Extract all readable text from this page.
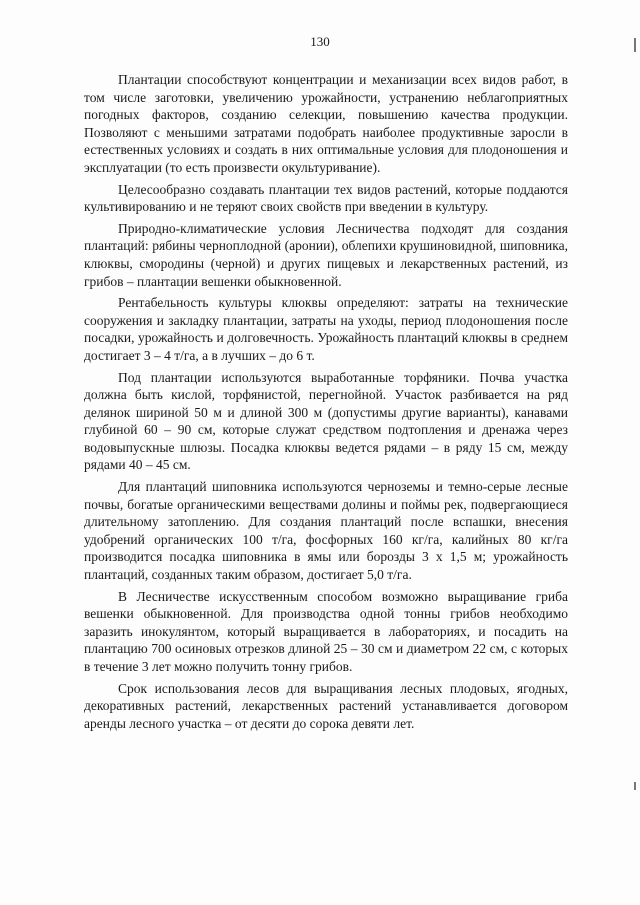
130

Плантации способствуют концентрации и механизации всех видов работ, в том числе заготовки, увеличению урожайности, устранению неблагоприятных погодных факторов, созданию селекции, повышению качества продукции. Позволяют с меньшими затратами подобрать наиболее продуктивные заросли в естественных условиях и создать в них оптимальные условия для плодоношения и эксплуатации (то есть произвести окультуривание).

Целесообразно создавать плантации тех видов растений, которые поддаются культивированию и не теряют своих свойств при введении в культуру.

Природно-климатические условия Лесничества подходят для создания плантаций: рябины черноплодной (аронии), облепихи крушиновидной, шиповника, клюквы, смородины (черной) и других пищевых и лекарственных растений, из грибов – плантации вешенки обыкновенной.

Рентабельность культуры клюквы определяют: затраты на технические сооружения и закладку плантации, затраты на уходы, период плодоношения после посадки, урожайность и долговечность. Урожайность плантаций клюквы в среднем достигает 3 – 4 т/га, а в лучших – до 6 т.

Под плантации используются выработанные торфяники. Почва участка должна быть кислой, торфянистой, перегнойной. Участок разбивается на ряд делянок шириной 50 м и длиной 300 м (допустимы другие варианты), канавами глубиной 60 – 90 см, которые служат средством подтопления и дренажа через водовыпускные шлюзы. Посадка клюквы ведется рядами – в ряду 15 см, между рядами 40 – 45 см.

Для плантаций шиповника используются черноземы и темно-серые лесные почвы, богатые органическими веществами долины и поймы рек, подвергающиеся длительному затоплению. Для создания плантаций после вспашки, внесения удобрений органических 100 т/га, фосфорных 160 кг/га, калийных 80 кг/га производится посадка шиповника в ямы или борозды 3 х 1,5 м; урожайность плантаций, созданных таким образом, достигает 5,0 т/га.

В Лесничестве искусственным способом возможно выращивание гриба вешенки обыкновенной. Для производства одной тонны грибов необходимо заразить инокулянтом, который выращивается в лабораториях, и посадить на плантацию 700 осиновых отрезков длиной 25 – 30 см и диаметром 22 см, с которых в течение 3 лет можно получить тонну грибов.

Срок использования лесов для выращивания лесных плодовых, ягодных, декоративных растений, лекарственных растений устанавливается договором аренды лесного участка – от десяти до сорока девяти лет.
